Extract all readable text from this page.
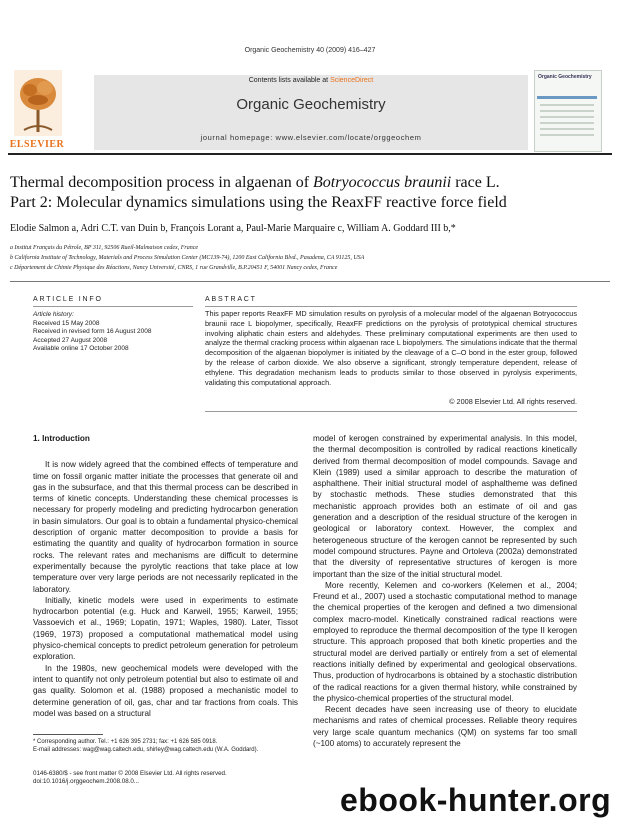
Organic Geochemistry 40 (2009) 416–427
ELSEVIER
Contents lists available at ScienceDirect
Organic Geochemistry
journal homepage: www.elsevier.com/locate/orggeochem
Organic Geochemistry
Thermal decomposition process in algaenan of Botryococcus braunii race L.
Part 2: Molecular dynamics simulations using the ReaxFF reactive force field
Elodie Salmon a, Adri C.T. van Duin b, François Lorant a, Paul-Marie Marquaire c, William A. Goddard III b,*
a Institut Français du Pétrole, BP 311, 92506 Rueil-Malmaison cedex, France
b California Institute of Technology, Materials and Process Simulation Center (MC139-74), 1200 East California Blvd., Pasadena, CA 91125, USA
c Département de Chimie Physique des Réactions, Nancy Université, CNRS, 1 rue Grandville, B.P.20451 F, 54001 Nancy cedex, France
ARTICLE INFO
Article history:
Received 15 May 2008
Received in revised form 16 August 2008
Accepted 27 August 2008
Available online 17 October 2008
ABSTRACT
This paper reports ReaxFF MD simulation results on pyrolysis of a molecular model of the algaenan Botryococcus braunii race L biopolymer, specifically, ReaxFF predictions on the pyrolysis of prototypical chemical structures involving aliphatic chain esters and aldehydes. These preliminary computational experiments are then used to analyze the thermal cracking process within algaenan race L biopolymers. The simulations indicate that the thermal decomposition of the algaenan biopolymer is initiated by the cleavage of a C–O bond in the ester group, followed by the release of carbon dioxide. We also observe a significant, strongly temperature dependent, release of ethylene. This degradation mechanism leads to products similar to those observed in pyrolysis experiments, validating this computational approach.
© 2008 Elsevier Ltd. All rights reserved.

1. Introduction

It is now widely agreed that the combined effects of temperature and time on fossil organic matter initiate the processes that generate oil and gas in the subsurface, and that this thermal process can be described in terms of kinetic concepts. Understanding these chemical processes is necessary for properly modeling and predicting hydrocarbon generation in basin simulators. Our goal is to obtain a fundamental physico-chemical description of organic matter decomposition to provide a basis for estimating the quantity and quality of hydrocarbon formation in source rocks. The relevant rates and mechanisms are difficult to determine experimentally because the pyrolytic reactions that take place at low temperature over very large periods are not necessarily replicated in the laboratory.

Initially, kinetic models were used in experiments to estimate hydrocarbon potential (e.g. Huck and Karweil, 1955; Karweil, 1955; Vassoevich et al., 1969; Lopatin, 1971; Waples, 1980). Later, Tissot (1969, 1973) proposed a computational mathematical model using physico-chemical concepts to predict petroleum generation for petroleum exploration.

In the 1980s, new geochemical models were developed with the intent to quantify not only petroleum potential but also to estimate oil and gas quality. Solomon et al. (1988) proposed a mechanistic model to determine generation of oil, gas, char and tar fractions from coals. This model was based on a structural

model of kerogen constrained by experimental analysis. In this model, the thermal decomposition is controlled by radical reactions kinetically derived from thermal decomposition of model compounds. Savage and Klein (1989) used a similar approach to describe the maturation of asphalthene. Their initial structural model of asphaltheme was defined by stochastic methods. These studies demonstrated that this mechanistic approach provides both an estimate of oil and gas generation and a description of the residual structure of the kerogen in geological or laboratory context. However, the complex and heterogeneous structure of the kerogen cannot be represented by such model compound structures. Payne and Ortoleva (2002a) demonstrated that the diversity of representative structures of kerogen is more important than the size of the initial structural model.

More recently, Kelemen and co-workers (Kelemen et al., 2004; Freund et al., 2007) used a stochastic computational method to manage the chemical properties of the kerogen and defined a two dimensional complex macro-model. Kinetically constrained radical reactions were employed to reproduce the thermal decomposition of the type II kerogen structure. This approach proposed that both kinetic properties and the structural model are derived partially or entirely from a set of elemental reactions initially defined by experimental and geological observations. Thus, production of hydrocarbons is obtained by a stochastic distribution of the radical reactions for a given thermal history, while constrained by the physico-chemical properties of the structural model.

Recent decades have seen increasing use of theory to elucidate mechanisms and rates of chemical processes. Reliable theory requires very large scale quantum mechanics (QM) on systems far too small (~100 atoms) to accurately represent the

* Corresponding author. Tel.: +1 626 395 2731; fax: +1 626 585 0918.
E-mail addresses: wag@wag.caltech.edu, shirley@wag.caltech.edu (W.A. Goddard).
0146-6380/$ - see front matter © 2008 Elsevier Ltd. All rights reserved.
doi:10.1016/j.orggeochem.2008.08.0...
ebook-hunter.org
